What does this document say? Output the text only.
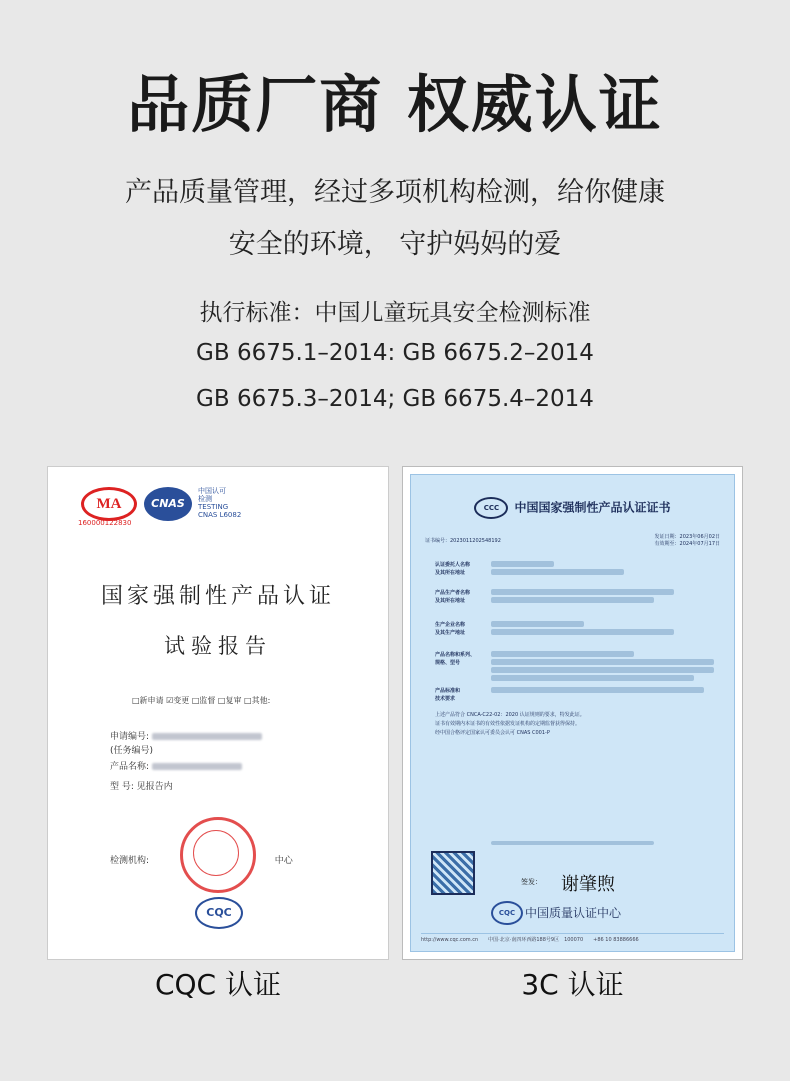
品质厂商 权威认证
产品质量管理，经过多项机构检测，给你健康
安全的环境， 守护妈妈的爱
执行标准：中国儿童玩具安全检测标准
GB 6675.1–2014: GB 6675.2–2014
GB 6675.3–2014; GB 6675.4–2014
MA
160000122830
CNAS
中国认可
检测
TESTING
CNAS L6082
国家强制性产品认证
试验报告
□新申请 ☑变更 □监督 □复审 □其他:
申请编号:
(任务编号)
产品名称:
型 号: 见报告内
检测机构:	中心
CQC
CCC 中国国家强制性产品认证证书
证书编号：2023011202548192
发证日期：2023年06月02日
有效期至：2024年07月17日
认证委托人名称
及其所在地址
产品生产者名称
及其所在地址
生产企业名称
及其生产地址
产品名称和系列、
规格、型号
产品标准和
技术要求
上述产品符合 CNCA-C22-02：2020 认证规则的要求，特发此证。
证书有效期内本证书的有效性依据发证机构的定期监督获得保持。
经中国合格评定国家认可委员会认可 CNAS C001-P
签发： 谢肇煦
CQC 中国质量认证中心
http://www.cqc.com.cn　　中国·北京·南四环西路188号9区　100070　　+86 10 83886666
CQC 认证	3C 认证
